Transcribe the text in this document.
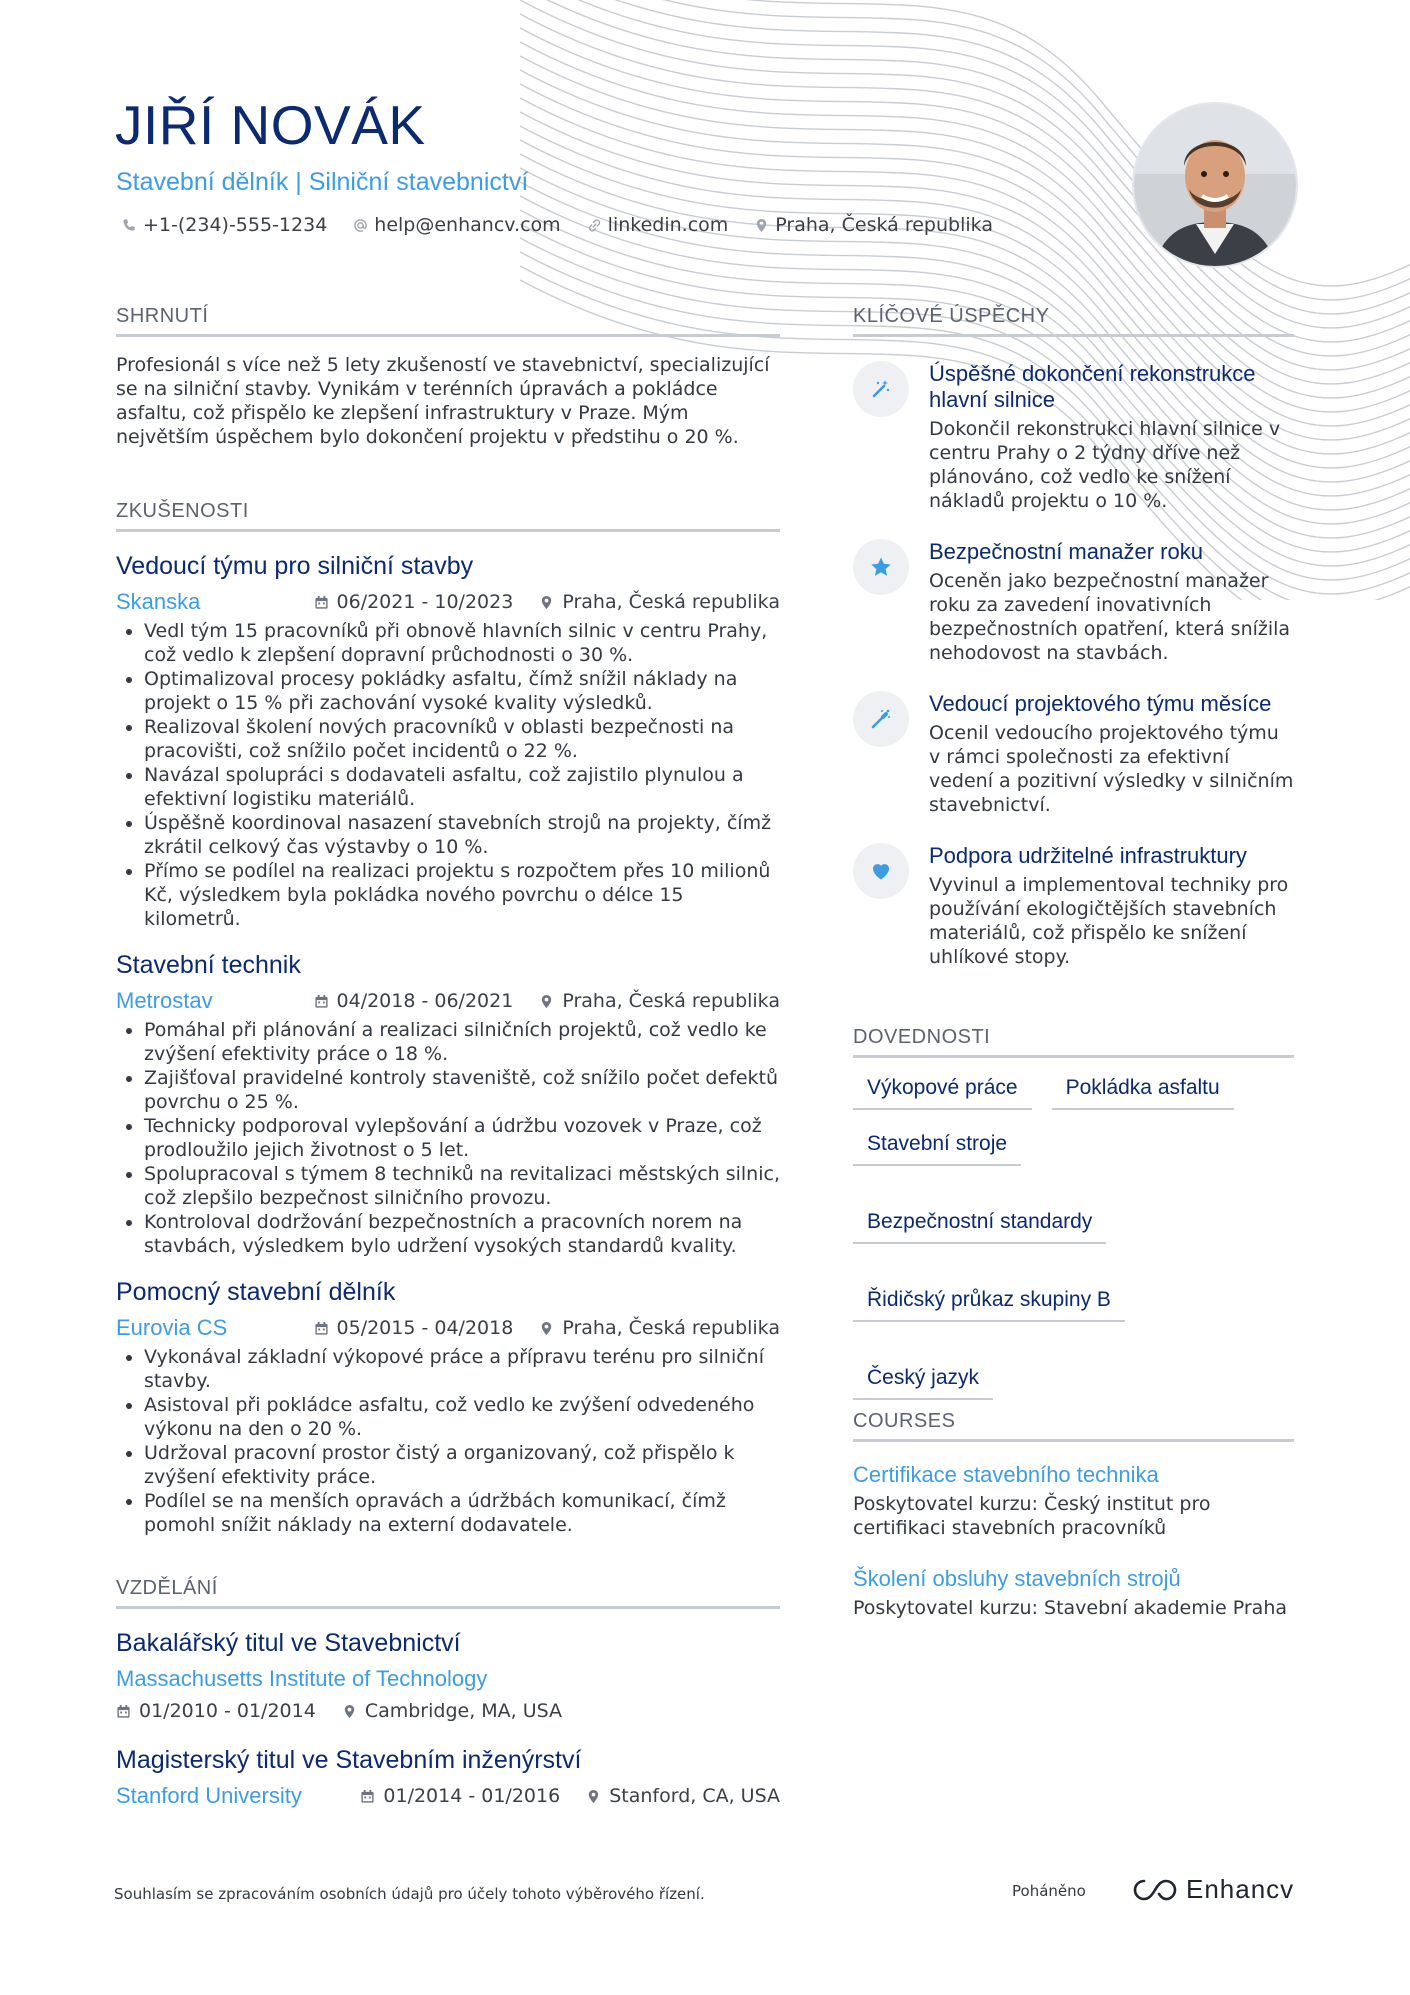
JIŘÍ NOVÁK
Stavební dělník | Silniční stavebnictví
+1-(234)-555-1234 help@enhancv.com linkedin.com Praha, Česká republika
SHRNUTÍ
Profesionál s více než 5 lety zkušeností ve stavebnictví, specializující se na silniční stavby. Vynikám v terénních úpravách a pokládce asfaltu, což přispělo ke zlepšení infrastruktury v Praze. Mým největším úspěchem bylo dokončení projektu v předstihu o 20 %.
ZKUŠENOSTI
Vedoucí týmu pro silniční stavby
Skanska	06/2021 - 10/2023	Praha, Česká republika
• Vedl tým 15 pracovníků při obnově hlavních silnic v centru Prahy, což vedlo k zlepšení dopravní průchodnosti o 30 %.
• Optimalizoval procesy pokládky asfaltu, čímž snížil náklady na projekt o 15 % při zachování vysoké kvality výsledků.
• Realizoval školení nových pracovníků v oblasti bezpečnosti na pracovišti, což snížilo počet incidentů o 22 %.
• Navázal spolupráci s dodavateli asfaltu, což zajistilo plynulou a efektivní logistiku materiálů.
• Úspěšně koordinoval nasazení stavebních strojů na projekty, čímž zkrátil celkový čas výstavby o 10 %.
• Přímo se podílel na realizaci projektu s rozpočtem přes 10 milionů Kč, výsledkem byla pokládka nového povrchu o délce 15 kilometrů.
Stavební technik
Metrostav	04/2018 - 06/2021	Praha, Česká republika
• Pomáhal při plánování a realizaci silničních projektů, což vedlo ke zvýšení efektivity práce o 18 %.
• Zajišťoval pravidelné kontroly staveniště, což snížilo počet defektů povrchu o 25 %.
• Technicky podporoval vylepšování a údržbu vozovek v Praze, což prodloužilo jejich životnost o 5 let.
• Spolupracoval s týmem 8 techniků na revitalizaci městských silnic, což zlepšilo bezpečnost silničního provozu.
• Kontroloval dodržování bezpečnostních a pracovních norem na stavbách, výsledkem bylo udržení vysokých standardů kvality.
Pomocný stavební dělník
Eurovia CS	05/2015 - 04/2018	Praha, Česká republika
• Vykonával základní výkopové práce a přípravu terénu pro silniční stavby.
• Asistoval při pokládce asfaltu, což vedlo ke zvýšení odvedeného výkonu na den o 20 %.
• Udržoval pracovní prostor čistý a organizovaný, což přispělo k zvýšení efektivity práce.
• Podílel se na menších opravách a údržbách komunikací, čímž pomohl snížit náklady na externí dodavatele.
VZDĚLÁNÍ
Bakalářský titul ve Stavebnictví
Massachusetts Institute of Technology
01/2010 - 01/2014	Cambridge, MA, USA
Magisterský titul ve Stavebním inženýrství
Stanford University	01/2014 - 01/2016	Stanford, CA, USA
KLÍČOVÉ ÚSPĚCHY
Úspěšné dokončení rekonstrukce hlavní silnice
Dokončil rekonstrukci hlavní silnice v centru Prahy o 2 týdny dříve než plánováno, což vedlo ke snížení nákladů projektu o 10 %.
Bezpečnostní manažer roku
Oceněn jako bezpečnostní manažer roku za zavedení inovativních bezpečnostních opatření, která snížila nehodovost na stavbách.
Vedoucí projektového týmu měsíce
Ocenil vedoucího projektového týmu v rámci společnosti za efektivní vedení a pozitivní výsledky v silničním stavebnictví.
Podpora udržitelné infrastruktury
Vyvinul a implementoval techniky pro používání ekologičtějších stavebních materiálů, což přispělo ke snížení uhlíkové stopy.
DOVEDNOSTI
Výkopové práce	Pokládka asfaltu
Stavební stroje
Bezpečnostní standardy
Řidičský průkaz skupiny B
Český jazyk
COURSES
Certifikace stavebního technika
Poskytovatel kurzu: Český institut pro certifikaci stavebních pracovníků
Školení obsluhy stavebních strojů
Poskytovatel kurzu: Stavební akademie Praha
Souhlasím se zpracováním osobních údajů pro účely tohoto výběrového řízení.	Poháněno	Enhancv
